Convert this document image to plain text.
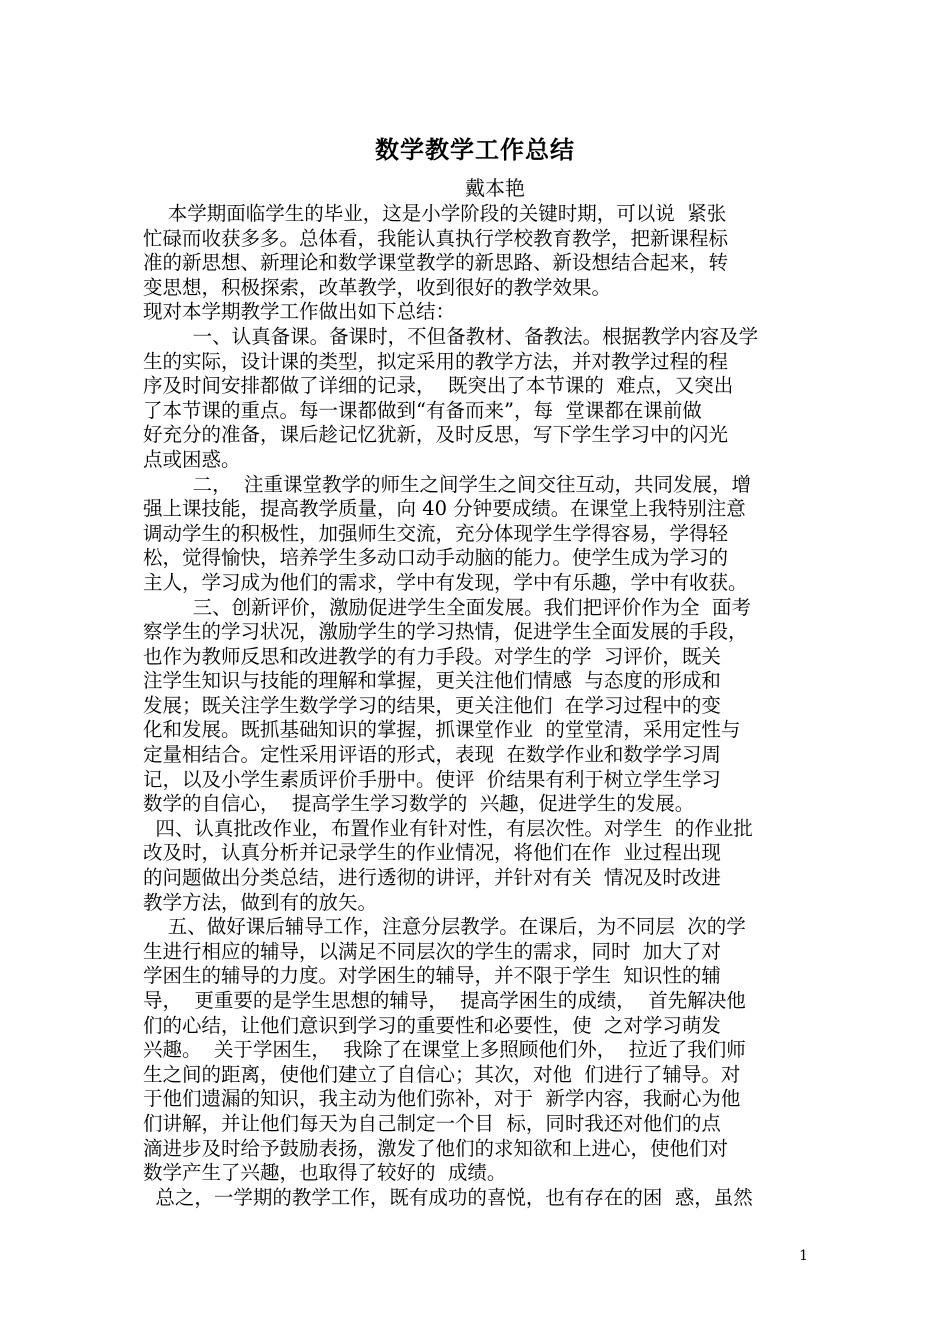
数学教学工作总结
戴本艳
本学期面临学生的毕业，这是小学阶段的关键时期，可以说  紧张
忙碌而收获多多。总体看，我能认真执行学校教育教学，把新课程标
准的新思想、新理论和数学课堂教学的新思路、新设想结合起来，转
变思想，积极探索，改革教学，收到很好的教学效果。
现对本学期教学工作做出如下总结：
一、认真备课。备课时，不但备教材、备教法。根据教学内容及学
生的实际，设计课的类型，拟定采用的教学方法，并对教学过程的程
序及时间安排都做了详细的记录，  既突出了本节课的  难点，又突出
了本节课的重点。每一课都做到“有备而来”，每  堂课都在课前做
好充分的准备，课后趁记忆犹新，及时反思，写下学生学习中的闪光
点或困惑。
二，  注重课堂教学的师生之间学生之间交往互动，共同发展，增
强上课技能，提高教学质量，向 40 分钟要成绩。在课堂上我特别注意
调动学生的积极性，加强师生交流，充分体现学生学得容易，学得轻
松，觉得愉快，培养学生多动口动手动脑的能力。使学生成为学习的
主人，学习成为他们的需求，学中有发现，学中有乐趣，学中有收获。
三、创新评价，激励促进学生全面发展。我们把评价作为全  面考
察学生的学习状况，激励学生的学习热情，促进学生全面发展的手段，
也作为教师反思和改进教学的有力手段。对学生的学  习评价，既关
注学生知识与技能的理解和掌握，更关注他们情感  与态度的形成和
发展；既关注学生数学学习的结果，更关注他们  在学习过程中的变
化和发展。既抓基础知识的掌握，抓课堂作业  的堂堂清，采用定性与
定量相结合。定性采用评语的形式，表现  在数学作业和数学学习周
记，以及小学生素质评价手册中。使评  价结果有利于树立学生学习
数学的自信心，  提高学生学习数学的  兴趣，促进学生的发展。
四、认真批改作业，布置作业有针对性，有层次性。对学生  的作业批
改及时，认真分析并记录学生的作业情况，将他们在作  业过程出现
的问题做出分类总结，进行透彻的讲评，并针对有关  情况及时改进
教学方法，做到有的放矢。
五、做好课后辅导工作，注意分层教学。在课后，为不同层  次的学
生进行相应的辅导，以满足不同层次的学生的需求，同时  加大了对
学困生的辅导的力度。对学困生的辅导，并不限于学生  知识性的辅
导，  更重要的是学生思想的辅导，  提高学困生的成绩，  首先解决他
们的心结，让他们意识到学习的重要性和必要性，使  之对学习萌发
兴趣。  关于学困生，  我除了在课堂上多照顾他们外，  拉近了我们师
生之间的距离，使他们建立了自信心；其次，对他  们进行了辅导。对
于他们遗漏的知识，我主动为他们弥补，对于  新学内容，我耐心为他
们讲解，并让他们每天为自己制定一个目  标，同时我还对他们的点
滴进步及时给予鼓励表扬，激发了他们的求知欲和上进心，使他们对
数学产生了兴趣，也取得了较好的  成绩。
总之，一学期的教学工作，既有成功的喜悦，也有存在的困  惑，虽然
1
